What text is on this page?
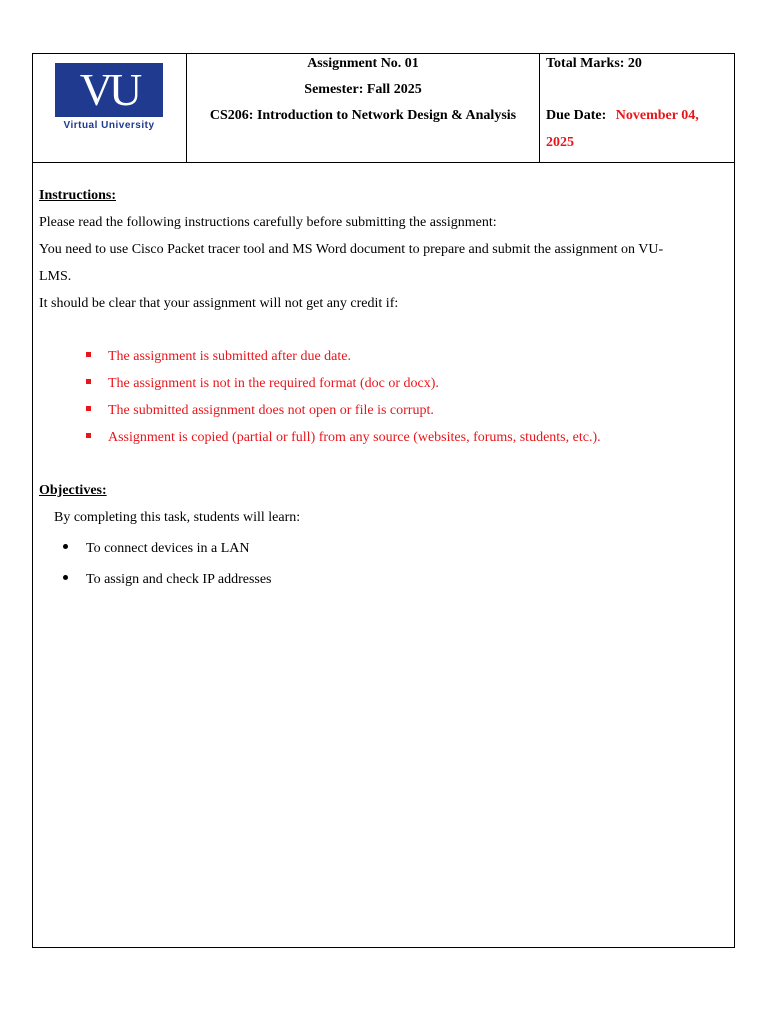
VU
Virtual University
Assignment No. 01
Semester: Fall 2025
CS206: Introduction to Network Design & Analysis
Total Marks: 20
Due Date: November 04,
2025
Instructions:
Please read the following instructions carefully before submitting the assignment:
You need to use Cisco Packet tracer tool and MS Word document to prepare and submit the assignment on VU-
LMS.
It should be clear that your assignment will not get any credit if:
The assignment is submitted after due date.
The assignment is not in the required format (doc or docx).
The submitted assignment does not open or file is corrupt.
Assignment is copied (partial or full) from any source (websites, forums, students, etc.).
Objectives:
By completing this task, students will learn:
To connect devices in a LAN
To assign and check IP addresses
